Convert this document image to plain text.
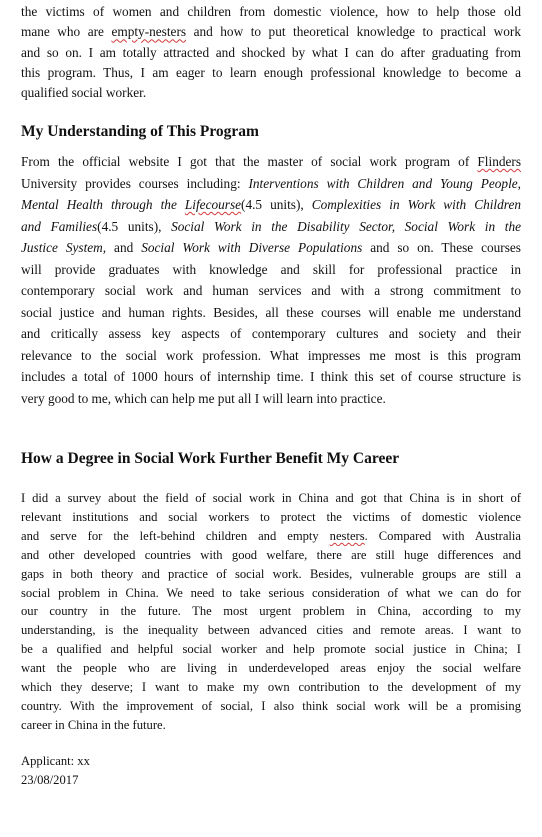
the victims of women and children from domestic violence, how to help those old
mane who are empty-nesters and how to put theoretical knowledge to practical work
and so on. I am totally attracted and shocked by what I can do after graduating from
this program. Thus, I am eager to learn enough professional knowledge to become a
qualified social worker.
My Understanding of This Program
From the official website I got that the master of social work program of Flinders
University provides courses including: Interventions with Children and Young People,
Mental Health through the Lifecourse(4.5 units), Complexities in Work with Children
and Families(4.5 units), Social Work in the Disability Sector, Social Work in the
Justice System, and Social Work with Diverse Populations and so on. These courses
will provide graduates with knowledge and skill for professional practice in
contemporary social work and human services and with a strong commitment to
social justice and human rights. Besides, all these courses will enable me understand
and critically assess key aspects of contemporary cultures and society and their
relevance to the social work profession. What impresses me most is this program
includes a total of 1000 hours of internship time. I think this set of course structure is
very good to me, which can help me put all I will learn into practice.
How a Degree in Social Work Further Benefit My Career
I did a survey about the field of social work in China and got that China is in short of
relevant institutions and social workers to protect the victims of domestic violence
and serve for the left-behind children and empty nesters. Compared with Australia
and other developed countries with good welfare, there are still huge differences and
gaps in both theory and practice of social work. Besides, vulnerable groups are still a
social problem in China. We need to take serious consideration of what we can do for
our country in the future. The most urgent problem in China, according to my
understanding, is the inequality between advanced cities and remote areas. I want to
be a qualified and helpful social worker and help promote social justice in China; I
want the people who are living in underdeveloped areas enjoy the social welfare
which they deserve; I want to make my own contribution to the development of my
country. With the improvement of social, I also think social work will be a promising
career in China in the future.

Applicant: xx

23/08/2017
